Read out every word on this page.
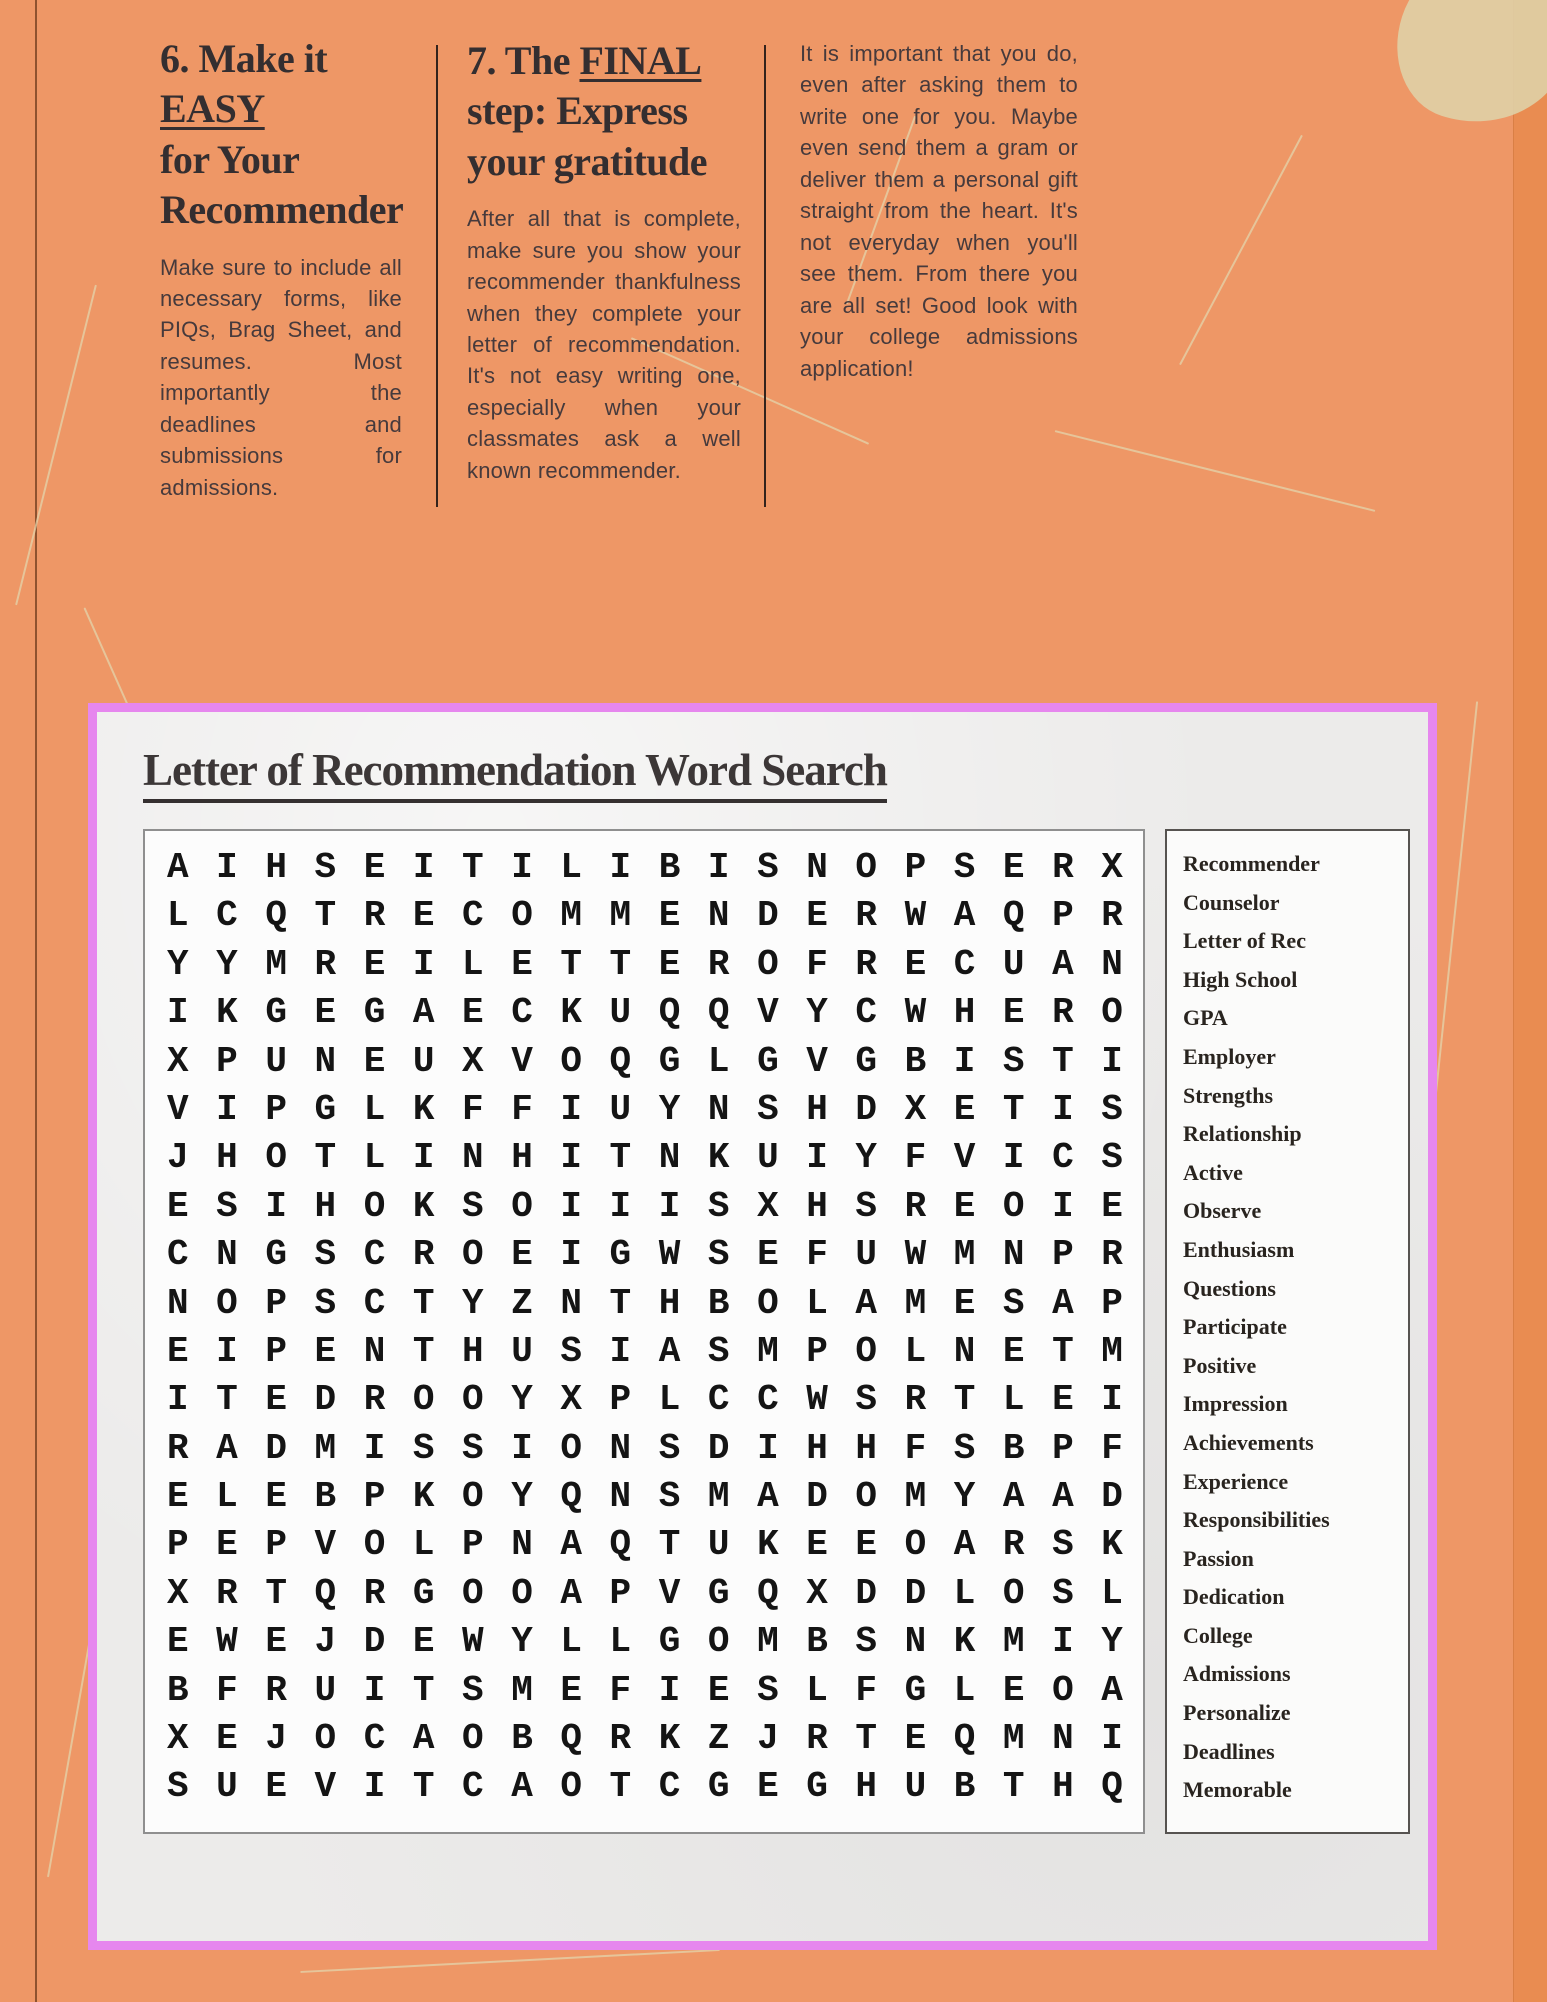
6. Make it EASY
for Your
Recommender

Make sure to include all necessary forms, like PIQs, Brag Sheet, and resumes. Most importantly the deadlines and submissions for admissions.

7. The FINAL
step: Express
your gratitude

After all that is complete, make sure you show your recommender thankfulness when they complete your letter of recommendation. It's not easy writing one, especially when your classmates ask a well known recommender.

It is important that you do, even after asking them to write one for you. Maybe even send them a gram or deliver them a personal gift straight from the heart. It's not everyday when you'll see them. From there you are all set! Good look with your college admissions application!

Letter of Recommendation Word Search
A I H S E I T I L I B I S N O P S E R X
L C Q T R E C O M M E N D E R W A Q P R
Y Y M R E I L E T T E R O F R E C U A N
I K G E G A E C K U Q Q V Y C W H E R O
X P U N E U X V O Q G L G V G B I S T I
V I P G L K F F I U Y N S H D X E T I S
J H O T L I N H I T N K U I Y F V I C S
E S I H O K S O I I I S X H S R E O I E
C N G S C R O E I G W S E F U W M N P R
N O P S C T Y Z N T H B O L A M E S A P
E I P E N T H U S I A S M P O L N E T M
I T E D R O O Y X P L C C W S R T L E I
R A D M I S S I O N S D I H H F S B P F
E L E B P K O Y Q N S M A D O M Y A A D
P E P V O L P N A Q T U K E E O A R S K
X R T Q R G O O A P V G Q X D D L O S L
E W E J D E W Y L L G O M B S N K M I Y
B F R U I T S M E F I E S L F G L E O A
X E J O C A O B Q R K Z J R T E Q M N I
S U E V I T C A O T C G E G H U B T H Q
Recommender
Counselor
Letter of Rec
High School
GPA
Employer
Strengths
Relationship
Active
Observe
Enthusiasm
Questions
Participate
Positive
Impression
Achievements
Experience
Responsibilities
Passion
Dedication
College
Admissions
Personalize
Deadlines
Memorable
